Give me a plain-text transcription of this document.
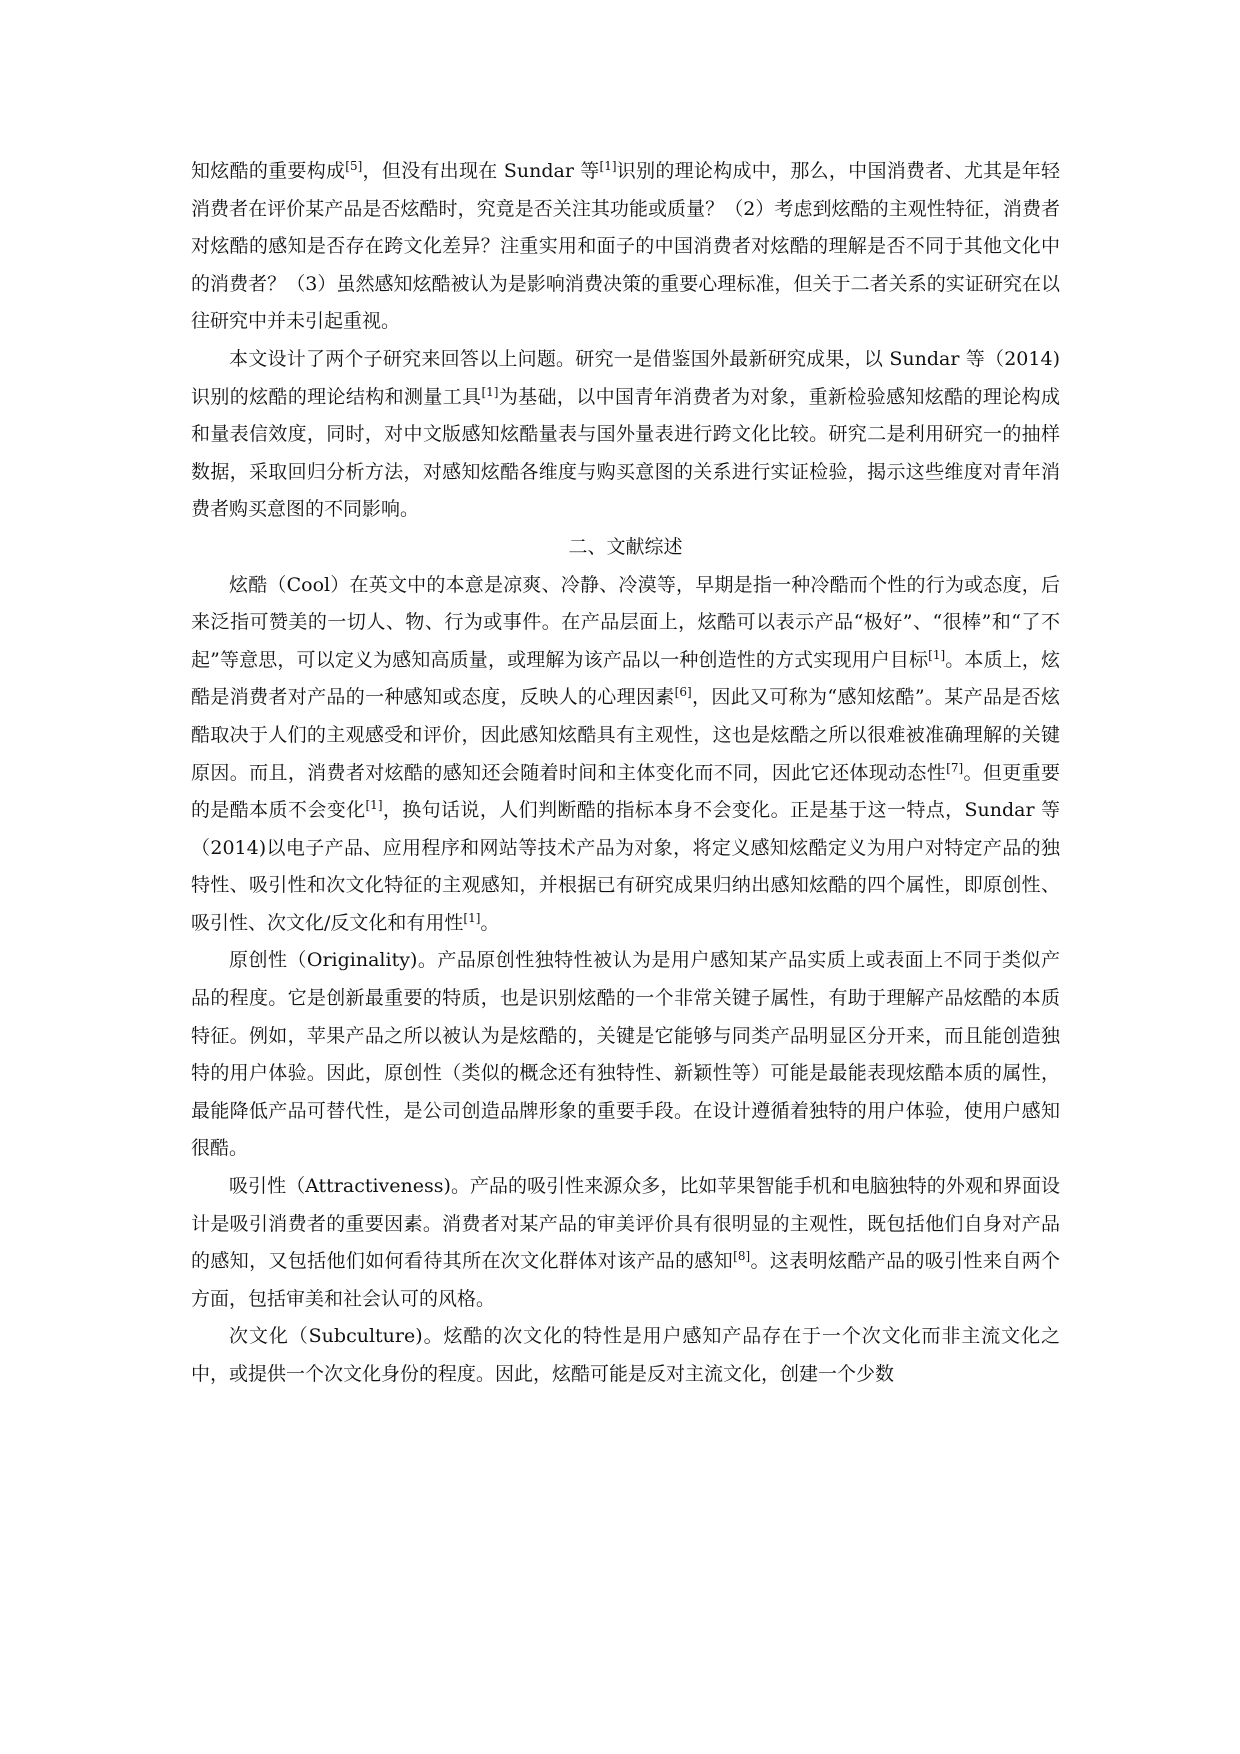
知炫酷的重要构成[5]，但没有出现在 Sundar 等[1]识别的理论构成中，那么，中国消费者、尤其是年轻消费者在评价某产品是否炫酷时，究竟是否关注其功能或质量？（2）考虑到炫酷的主观性特征，消费者对炫酷的感知是否存在跨文化差异？注重实用和面子的中国消费者对炫酷的理解是否不同于其他文化中的消费者？（3）虽然感知炫酷被认为是影响消费决策的重要心理标准，但关于二者关系的实证研究在以往研究中并未引起重视。

本文设计了两个子研究来回答以上问题。研究一是借鉴国外最新研究成果，以 Sundar 等（2014)识别的炫酷的理论结构和测量工具[1]为基础，以中国青年消费者为对象，重新检验感知炫酷的理论构成和量表信效度，同时，对中文版感知炫酷量表与国外量表进行跨文化比较。研究二是利用研究一的抽样数据，采取回归分析方法，对感知炫酷各维度与购买意图的关系进行实证检验，揭示这些维度对青年消费者购买意图的不同影响。

二、文献综述

炫酷（Cool）在英文中的本意是凉爽、冷静、冷漠等，早期是指一种冷酷而个性的行为或态度，后来泛指可赞美的一切人、物、行为或事件。在产品层面上，炫酷可以表示产品“极好”、“很棒”和“了不起”等意思，可以定义为感知高质量，或理解为该产品以一种创造性的方式实现用户目标[1]。本质上，炫酷是消费者对产品的一种感知或态度，反映人的心理因素[6]，因此又可称为“感知炫酷”。某产品是否炫酷取决于人们的主观感受和评价，因此感知炫酷具有主观性，这也是炫酷之所以很难被准确理解的关键原因。而且，消费者对炫酷的感知还会随着时间和主体变化而不同，因此它还体现动态性[7]。但更重要的是酷本质不会变化[1]，换句话说，人们判断酷的指标本身不会变化。正是基于这一特点，Sundar 等（2014)以电子产品、应用程序和网站等技术产品为对象，将定义感知炫酷定义为用户对特定产品的独特性、吸引性和次文化特征的主观感知，并根据已有研究成果归纳出感知炫酷的四个属性，即原创性、吸引性、次文化/反文化和有用性[1]。

原创性（Originality)。产品原创性独特性被认为是用户感知某产品实质上或表面上不同于类似产品的程度。它是创新最重要的特质，也是识别炫酷的一个非常关键子属性，有助于理解产品炫酷的本质特征。例如，苹果产品之所以被认为是炫酷的，关键是它能够与同类产品明显区分开来，而且能创造独特的用户体验。因此，原创性（类似的概念还有独特性、新颖性等）可能是最能表现炫酷本质的属性，最能降低产品可替代性，是公司创造品牌形象的重要手段。在设计遵循着独特的用户体验，使用户感知很酷。

吸引性（Attractiveness)。产品的吸引性来源众多，比如苹果智能手机和电脑独特的外观和界面设计是吸引消费者的重要因素。消费者对某产品的审美评价具有很明显的主观性，既包括他们自身对产品的感知，又包括他们如何看待其所在次文化群体对该产品的感知[8]。这表明炫酷产品的吸引性来自两个方面，包括审美和社会认可的风格。

次文化（Subculture)。炫酷的次文化的特性是用户感知产品存在于一个次文化而非主流文化之中，或提供一个次文化身份的程度。因此，炫酷可能是反对主流文化，创建一个少数
